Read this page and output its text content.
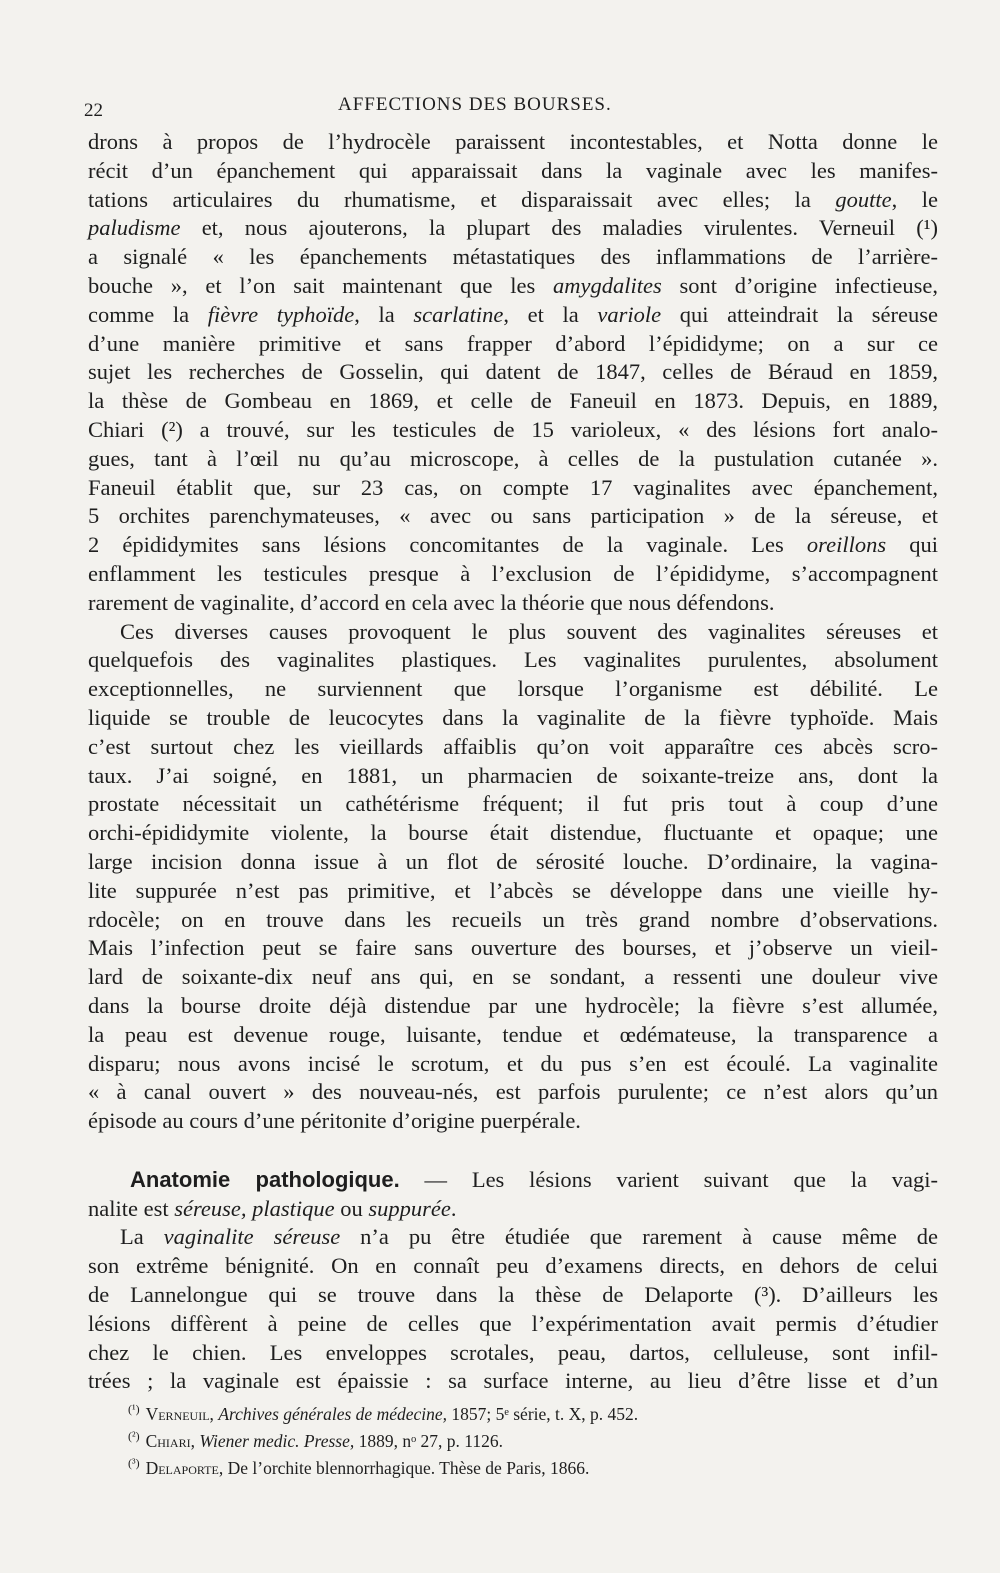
22	AFFECTIONS DES BOURSES.
drons à propos de l’hydrocèle paraissent incontestables, et Notta donne le
récit d’un épanchement qui apparaissait dans la vaginale avec les manifes-
tations articulaires du rhumatisme, et disparaissait avec elles; la goutte, le
paludisme et, nous ajouterons, la plupart des maladies virulentes. Verneuil (¹)
a signalé « les épanchements métastatiques des inflammations de l’arrière-
bouche », et l’on sait maintenant que les amygdalites sont d’origine infectieuse,
comme la fièvre typhoïde, la scarlatine, et la variole qui atteindrait la séreuse
d’une manière primitive et sans frapper d’abord l’épididyme; on a sur ce
sujet les recherches de Gosselin, qui datent de 1847, celles de Béraud en 1859,
la thèse de Gombeau en 1869, et celle de Faneuil en 1873. Depuis, en 1889,
Chiari (²) a trouvé, sur les testicules de 15 varioleux, « des lésions fort analo-
gues, tant à l’œil nu qu’au microscope, à celles de la pustulation cutanée ».
Faneuil établit que, sur 23 cas, on compte 17 vaginalites avec épanchement,
5 orchites parenchymateuses, « avec ou sans participation » de la séreuse, et
2 épididymites sans lésions concomitantes de la vaginale. Les oreillons qui
enflamment les testicules presque à l’exclusion de l’épididyme, s’accompagnent
rarement de vaginalite, d’accord en cela avec la théorie que nous défendons.
Ces diverses causes provoquent le plus souvent des vaginalites séreuses et
quelquefois des vaginalites plastiques. Les vaginalites purulentes, absolument
exceptionnelles, ne surviennent que lorsque l’organisme est débilité. Le
liquide se trouble de leucocytes dans la vaginalite de la fièvre typhoïde. Mais
c’est surtout chez les vieillards affaiblis qu’on voit apparaître ces abcès scro-
taux. J’ai soigné, en 1881, un pharmacien de soixante-treize ans, dont la
prostate nécessitait un cathétérisme fréquent; il fut pris tout à coup d’une
orchi-épididymite violente, la bourse était distendue, fluctuante et opaque; une
large incision donna issue à un flot de sérosité louche. D’ordinaire, la vagina-
lite suppurée n’est pas primitive, et l’abcès se développe dans une vieille hy-
rdocèle; on en trouve dans les recueils un très grand nombre d’observations.
Mais l’infection peut se faire sans ouverture des bourses, et j’observe un vieil-
lard de soixante-dix neuf ans qui, en se sondant, a ressenti une douleur vive
dans la bourse droite déjà distendue par une hydrocèle; la fièvre s’est allumée,
la peau est devenue rouge, luisante, tendue et œdémateuse, la transparence a
disparu; nous avons incisé le scrotum, et du pus s’en est écoulé. La vaginalite
« à canal ouvert » des nouveau-nés, est parfois purulente; ce n’est alors qu’un
épisode au cours d’une péritonite d’origine puerpérale.
Anatomie pathologique. — Les lésions varient suivant que la vagi-
nalite est séreuse, plastique ou suppurée.
La vaginalite séreuse n’a pu être étudiée que rarement à cause même de
son extrême bénignité. On en connaît peu d’examens directs, en dehors de celui
de Lannelongue qui se trouve dans la thèse de Delaporte (³). D’ailleurs les
lésions diffèrent à peine de celles que l’expérimentation avait permis d’étudier
chez le chien. Les enveloppes scrotales, peau, dartos, celluleuse, sont infil-
trées ; la vaginale est épaissie : sa surface interne, au lieu d’être lisse et d’un
$^{(^1)}$ Verneuil, Archives générales de médecine, 1857; 5ᵉ série, t. X, p. 452.
$^{(^2)}$ Chiari, Wiener medic. Presse, 1889, nᵒ 27, p. 1126.
$^{(^3)}$ Delaporte, De l’orchite blennorrhagique. Thèse de Paris, 1866.
